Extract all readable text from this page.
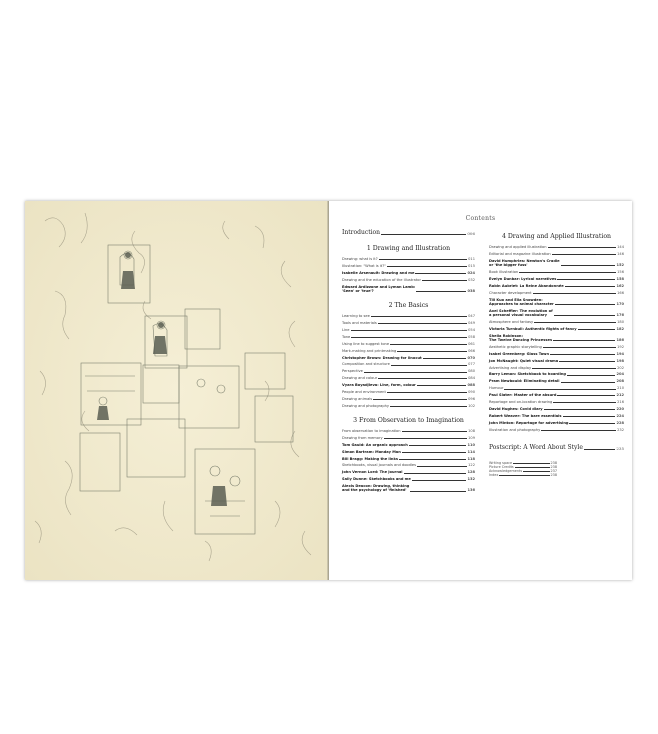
Contents
Introduction	006
1 Drawing and Illustration
Drawing: what is it?	011
Illustration: "What is it?"	015
Isabelle Arsenault: Drawing and me	024
Drawing and the education of the illustrator	032
Edward Ardizzone and Lyman Lamb:
'Seen' or 'true'?	038
2 The Basics
Learning to see	047
Tools and materials	049
Line	054
Tone	058
Using line to suggest tone	061
Mark-making and printmaking	066
Christopher Brown: Drawing for linocut	070
Composition and structure	077
Perspective	080
Drawing and colour	084
Vyara Boyadjieva: Line, form, colour	088
People and environment	090
Drawing animals	096
Drawing and photography	102
3 From Observation to Imagination
From observation to imagination	108
Drawing from memory	109
Tom Gauld: An organic approach	110
Simon Bartram: Monday Man	114
Bill Bragg: Making the links	118
Sketchbooks, visual journals and doodles	122
John Vernon Lord: The journal	128
Sally Dunne: Sketchbooks and me	132
Alexis Deacon: Drawing, thinking
and the psychology of 'finished'	136
4 Drawing and Applied Illustration
Drawing and applied illustration	144
Editorial and magazine illustration	146
David Humphries: Newton's Cradle
or 'the bigger fuss'	152
Book illustration	156
Evelyn Dunbar: Lyrical narratives	158
Robin Aubriet: La Reine Abandonnée	162
Character development	166
Till Kuo and Ella Snowden:
Approaches to animal character	170
Axel Scheffler: The evolution of
a personal visual vocabulary	176
Atmosphere and fantasy	180
Victoria Turnbull: Authentic flights of fancy	182
Sheila Robinson:
The Twelve Dancing Princesses	186
Aesthetic graphic storytelling	192
Isabel Greenberg: Glass Town	194
Jon McNaught: Quiet visual drama	198
Advertising and display	202
Barry Lemon: Sketchbook to hoarding	204
Pram Newbould: Eliminating detail	208
Humour	210
Paul Slater: Master of the absurd	212
Reportage and on-location drawing	216
David Hughes: Covid diary	220
Robert Weaver: The bare essentials	224
John Minton: Reportage for advertising	228
Illustration and photography	232
Postscript: A Word About Style	235
Writing space	238
Picture Credits	238
Acknowledgements	237
Index	238
